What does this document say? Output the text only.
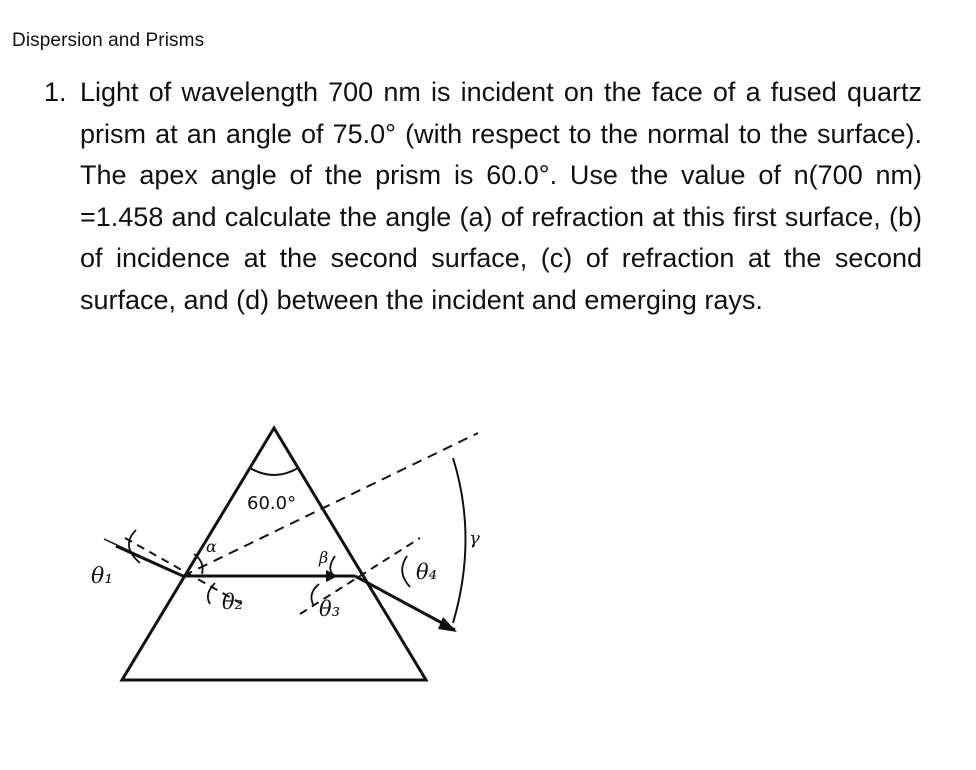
Dispersion and Prisms
1. Light of wavelength 700 nm is incident on the face of a fused quartz prism at an angle of 75.0° (with respect to the normal to the surface). The apex angle of the prism is 60.0°. Use the value of n(700 nm) =1.458 and calculate the angle (a) of refraction at this first surface, (b) of incidence at the second surface, (c) of refraction at the second surface, and (d) between the incident and emerging rays.
60.0°
θ₁
θ₂	θ₃
θ₄
α
β
γ
